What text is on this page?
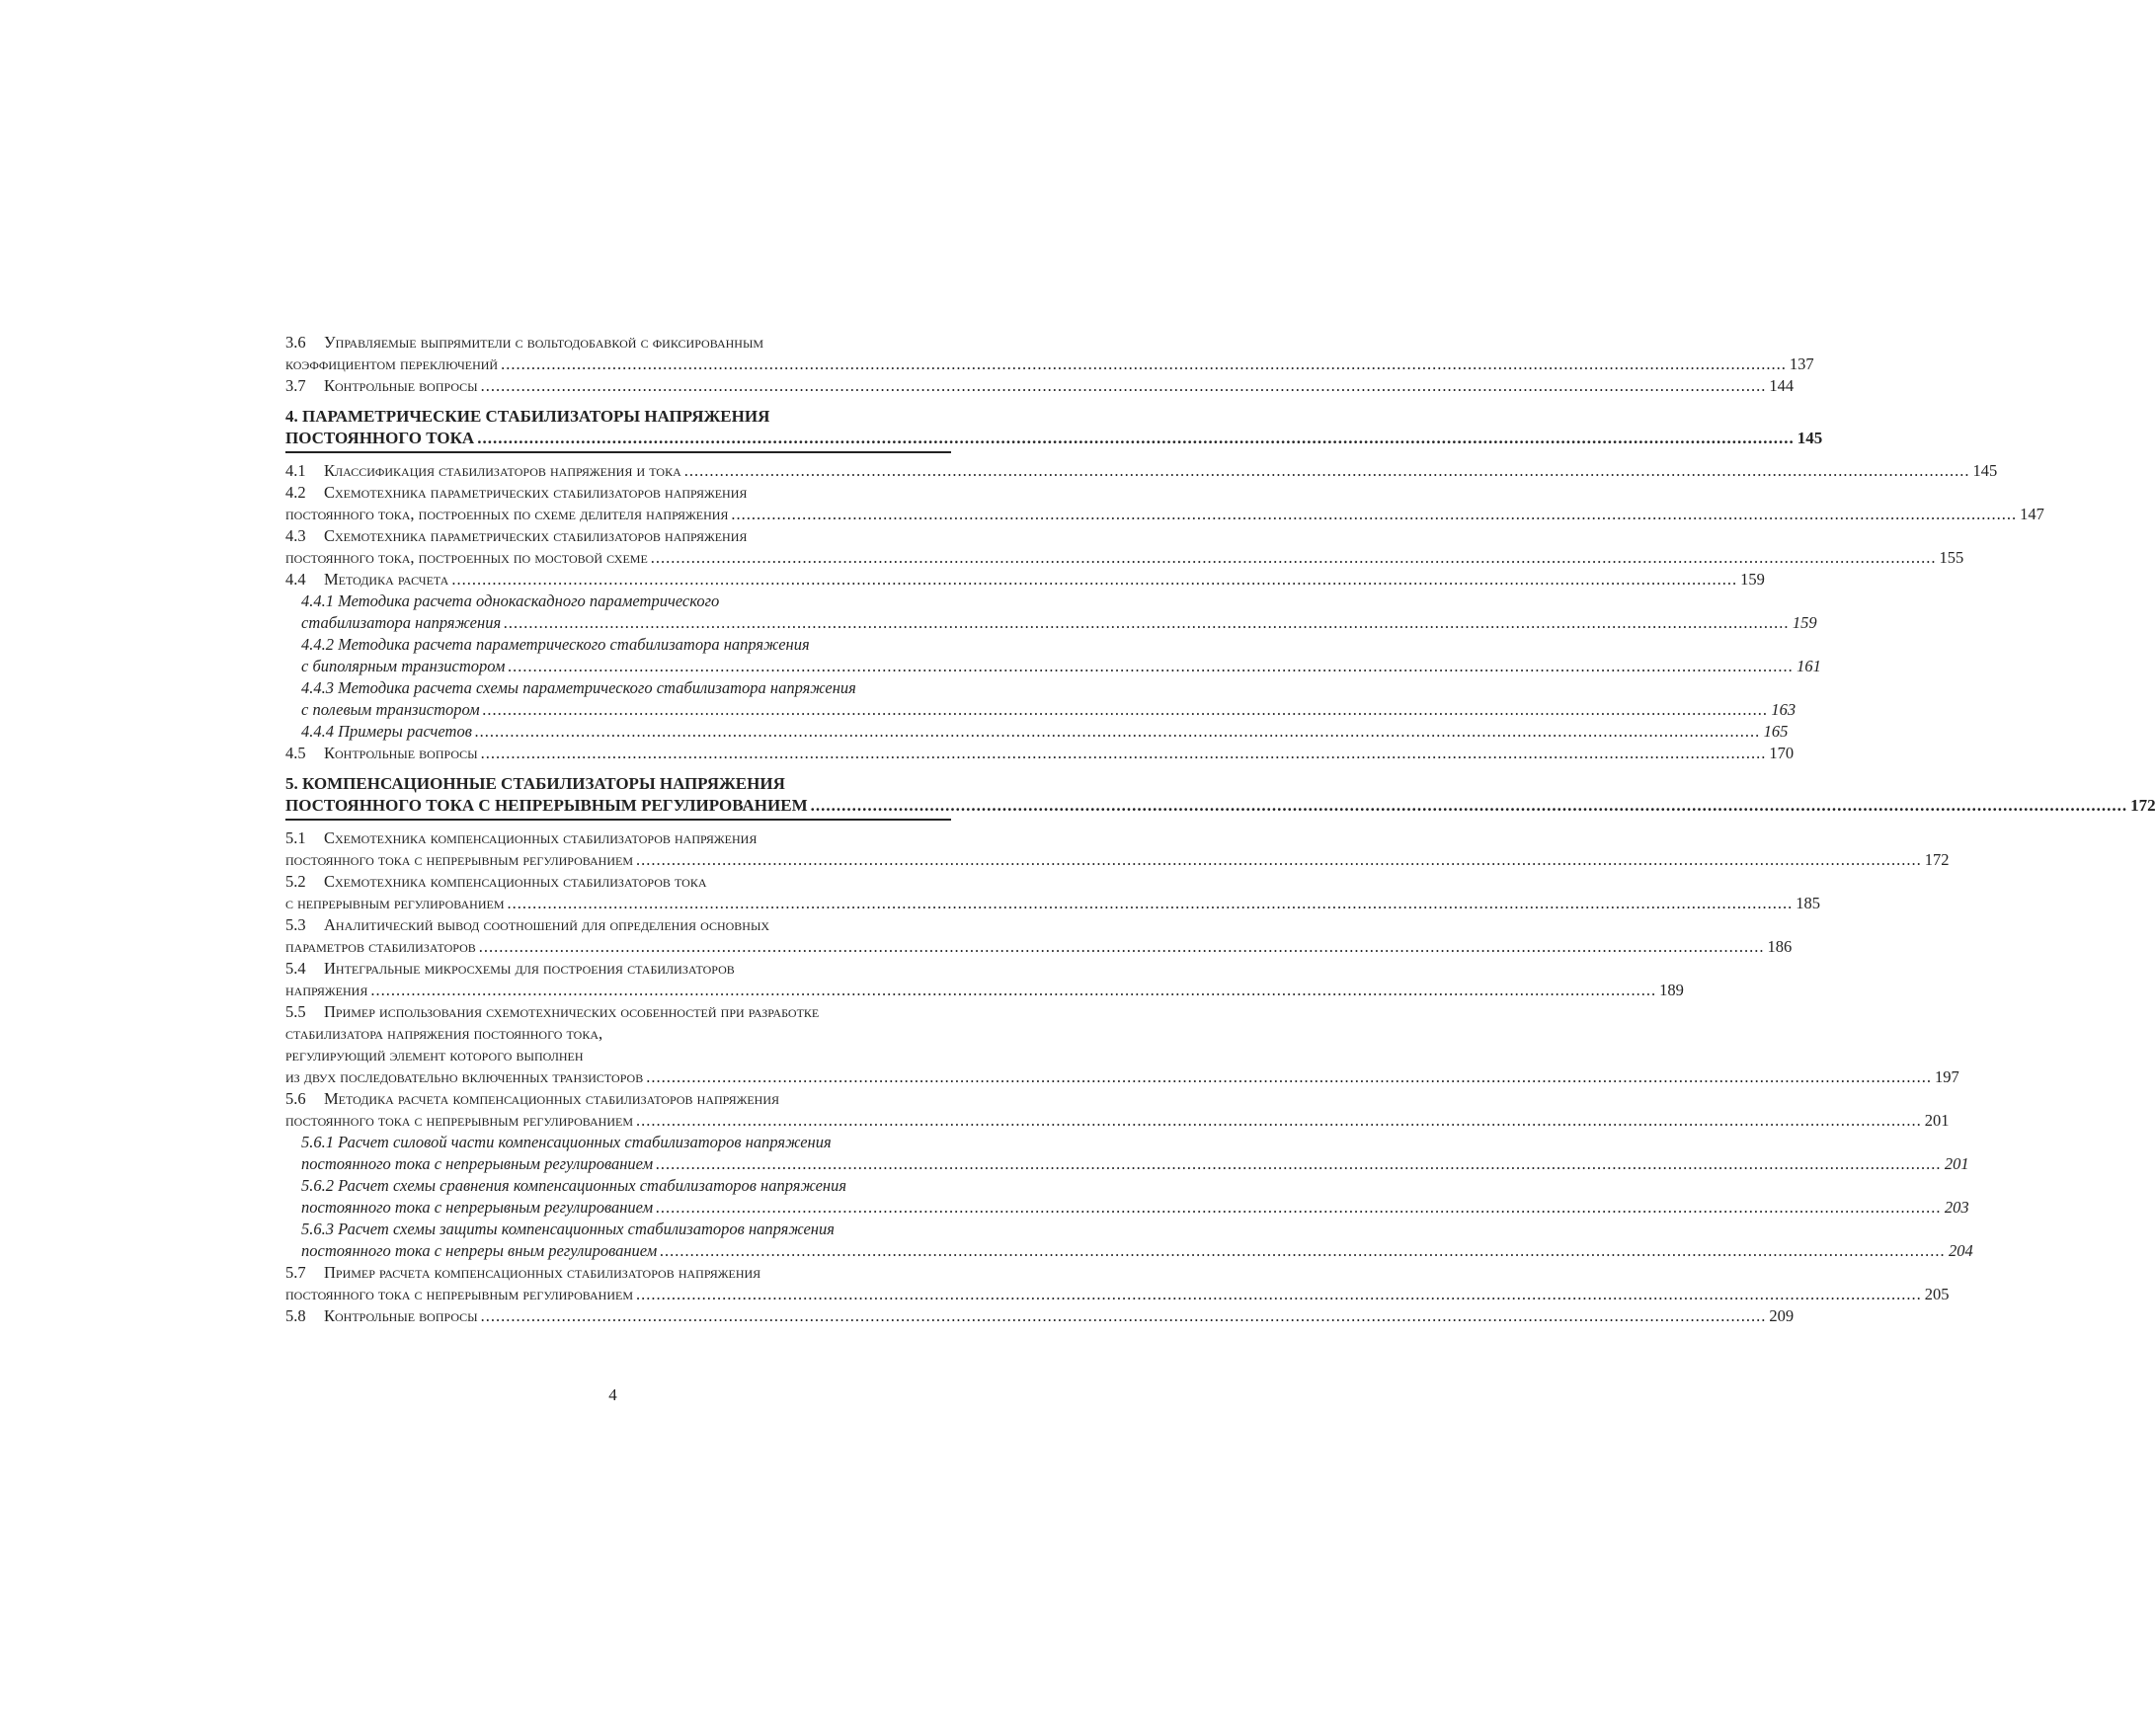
3.6	Управляемые выпрямители с вольтодобавкой с фиксированным
коэффициентом переключений .....	137
3.7	Контрольные вопросы .....	144
4. ПАРАМЕТРИЧЕСКИЕ СТАБИЛИЗАТОРЫ НАПРЯЖЕНИЯ
ПОСТОЯННОГО ТОКА .....	145
4.1	Классификация стабилизаторов напряжения и тока .....	145
4.2	Схемотехника параметрических стабилизаторов напряжения
постоянного тока, построенных по схеме делителя напряжения .....	147
4.3	Схемотехника параметрических стабилизаторов напряжения
постоянного тока, построенных по мостовой схеме .....	155
4.4	Методика расчета .....	159
4.4.1 Методика расчета однокаскадного параметрического
стабилизатора напряжения .....	159
4.4.2 Методика расчета параметрического стабилизатора напряжения
с биполярным транзистором .....	161
4.4.3 Методика расчета схемы параметрического стабилизатора напряжения
с полевым транзистором .....	163
4.4.4 Примеры расчетов .....	165
4.5	Контрольные вопросы .....	170
5. КОМПЕНСАЦИОННЫЕ СТАБИЛИЗАТОРЫ НАПРЯЖЕНИЯ
ПОСТОЯННОГО ТОКА С НЕПРЕРЫВНЫМ РЕГУЛИРОВАНИЕМ .....	172
5.1	Схемотехника компенсационных стабилизаторов напряжения
постоянного тока с непрерывным регулированием .....	172
5.2	Схемотехника компенсационных стабилизаторов тока
с непрерывным регулированием .....	185
5.3	Аналитический вывод соотношений для определения основных
параметров стабилизаторов .....	186
5.4	Интегральные микросхемы для построения стабилизаторов
напряжения .....	189
5.5	Пример использования схемотехнических особенностей при разработке
стабилизатора напряжения постоянного тока,
регулирующий элемент которого выполнен
из двух последовательно включенных транзисторов .....	197
5.6	Методика расчета компенсационных стабилизаторов напряжения
постоянного тока с непрерывным регулированием .....	201
5.6.1 Расчет силовой части компенсационных стабилизаторов напряжения
постоянного тока с непрерывным регулированием .....	201
5.6.2 Расчет схемы сравнения компенсационных стабилизаторов напряжения
постоянного тока с непрерывным регулированием .....	203
5.6.3 Расчет схемы защиты компенсационных стабилизаторов напряжения
постоянного тока с непреры вным регулированием .....	204
5.7	Пример расчета компенсационных стабилизаторов напряжения
постоянного тока с непрерывным регулированием .....	205
5.8	Контрольные вопросы .....	209
4
